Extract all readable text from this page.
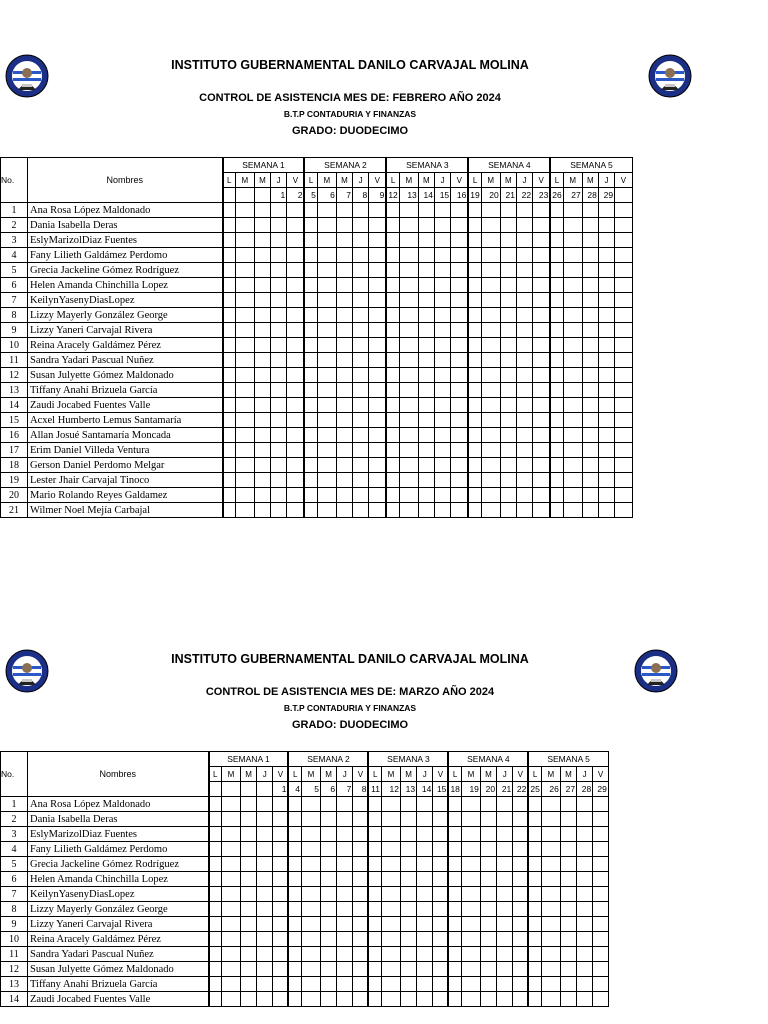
INSTITUTO GUBERNAMENTAL DANILO CARVAJAL MOLINA
CONTROL DE ASISTENCIA MES DE: FEBRERO AÑO 2024
B.T.P CONTADURIA Y FINANZAS
GRADO: DUODECIMO
No.	Nombres	SEMANA 1					SEMANA 2					SEMANA 3					SEMANA 4					SEMANA 5				
		L	M	M	J	V	L	M	M	J	V	L	M	M	J	V	L	M	M	J	V	L	M	M	J	V
					1	2	5	6	7	8	9	12	13	14	15	16	19	20	21	22	23	26	27	28	29	
1	Ana Rosa López Maldonado																									
2	Dania Isabella Deras																									
3	EslyMarizolDiaz Fuentes																									
4	Fany Lilieth Galdámez Perdomo																									
5	Grecia Jackeline Gómez Rodríguez																									
6	Helen Amanda Chinchilla Lopez																									
7	KeilynYasenyDiasLopez																									
8	Lizzy Mayerly González George																									
9	Lizzy Yaneri Carvajal Rivera																									
10	Reina Aracely Galdámez Pérez																									
11	Sandra Yadari Pascual Nuñez																									
12	Susan Julyette Gómez Maldonado																									
13	Tiffany Anahí Brizuela García																									
14	Zaudi Jocabed Fuentes Valle																									
15	Acxel Humberto Lemus Santamaría																									
16	Allan Josué Santamaría Moncada																									
17	Erim Daniel Villeda Ventura																									
18	Gerson Daniel Perdomo Melgar																									
19	Lester Jhair Carvajal Tinoco																									
20	Mario Rolando Reyes Galdamez																									
21	Wilmer Noel Mejía Carbajal																									
INSTITUTO GUBERNAMENTAL DANILO CARVAJAL MOLINA
CONTROL DE ASISTENCIA MES DE: MARZO AÑO 2024
B.T.P CONTADURIA Y FINANZAS
GRADO: DUODECIMO
No.	Nombres	SEMANA 1					SEMANA 2					SEMANA 3					SEMANA 4					SEMANA 5				
		L	M	M	J	V	L	M	M	J	V	L	M	M	J	V	L	M	M	J	V	L	M	M	J	V
						1	4	5	6	7	8	11	12	13	14	15	18	19	20	21	22	25	26	27	28	29
1	Ana Rosa López Maldonado																									
2	Dania Isabella Deras																									
3	EslyMarizolDiaz Fuentes																									
4	Fany Lilieth Galdámez Perdomo																									
5	Grecia Jackeline Gómez Rodríguez																									
6	Helen Amanda Chinchilla Lopez																									
7	KeilynYasenyDiasLopez																									
8	Lizzy Mayerly González George																									
9	Lizzy Yaneri Carvajal Rivera																									
10	Reina Aracely Galdámez Pérez																									
11	Sandra Yadari Pascual Nuñez																									
12	Susan Julyette Gómez Maldonado																									
13	Tiffany Anahí Brizuela García																									
14	Zaudi Jocabed Fuentes Valle																									
